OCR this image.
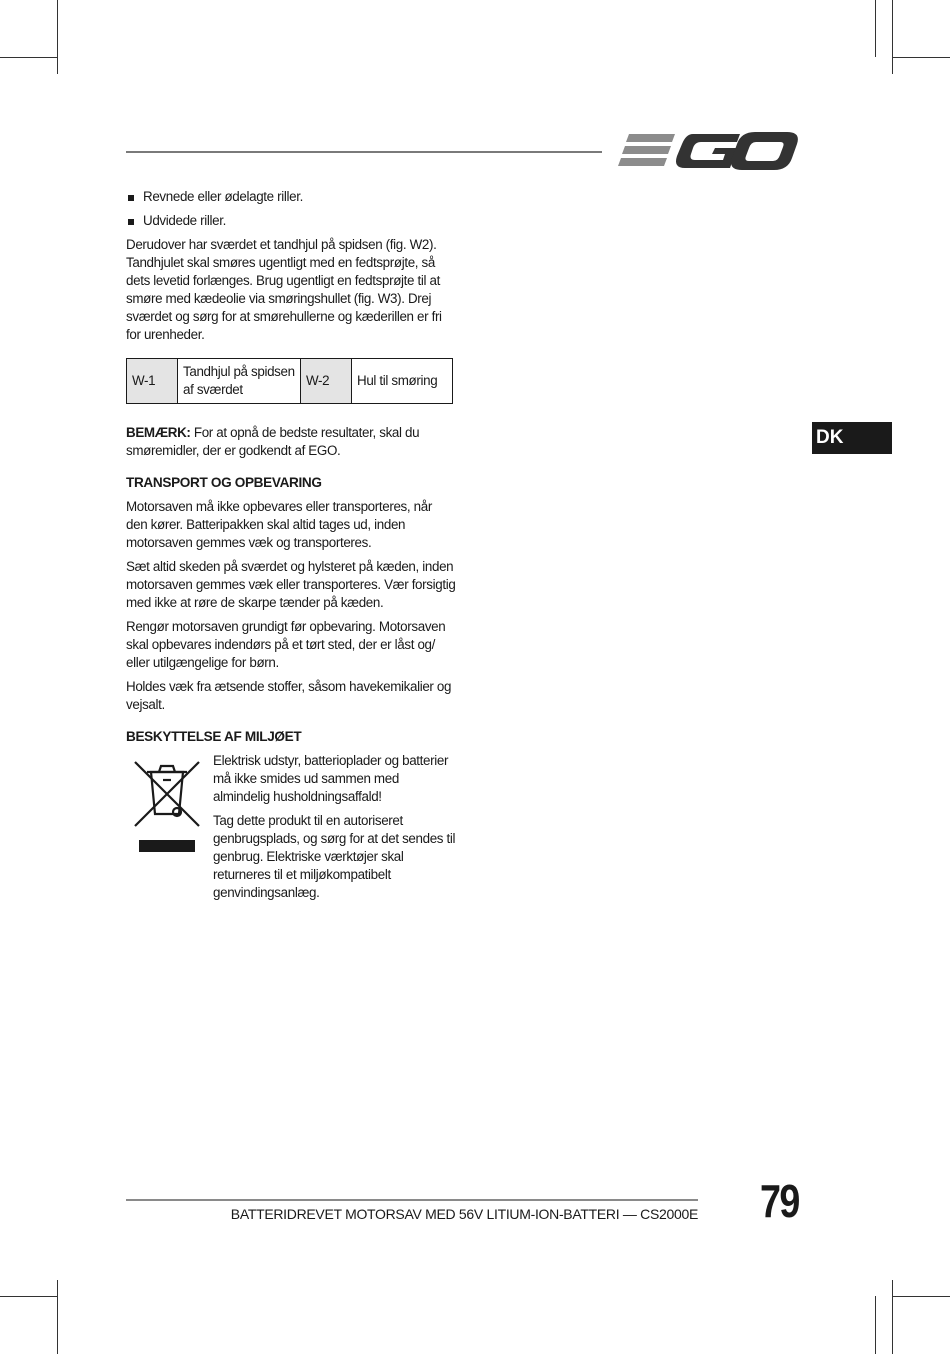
DK
Revnede eller ødelagte riller.
Udvidede riller.

Derudover har sværdet et tandhjul på spidsen (fig. W2). Tandhjulet skal smøres ugentligt med en fedtsprøjte, så dets levetid forlænges. Brug ugentligt en fedtsprøjte til at smøre med kædeolie via smøringshullet (fig. W3). Drej sværdet og sørg for at smørehullerne og kæderillen er fri for urenheder.

W-1	Tandhjul på spidsen af sværdet	W-2	Hul til smøring

BEMÆRK: For at opnå de bedste resultater, skal du smøremidler, der er godkendt af EGO.

TRANSPORT OG OPBEVARING

Motorsaven må ikke opbevares eller transporteres, når den kører. Batteripakken skal altid tages ud, inden motorsaven gemmes væk og transporteres.

Sæt altid skeden på sværdet og hylsteret på kæden, inden motorsaven gemmes væk eller transporteres. Vær forsigtig med ikke at røre de skarpe tænder på kæden.

Rengør motorsaven grundigt før opbevaring. Motorsaven skal opbevares indendørs på et tørt sted, der er låst og/ eller utilgængelige for børn.

Holdes væk fra ætsende stoffer, såsom havekemikalier og vejsalt.

BESKYTTELSE AF MILJØET

Elektrisk udstyr, batterioplader og batterier må ikke smides ud sammen med almindelig husholdningsaffald!

Tag dette produkt til en autoriseret genbrugsplads, og sørg for at det sendes til genbrug. Elektriske værktøjer skal returneres til et miljøkompatibelt genvindingsanlæg.

BATTERIDREVET MOTORSAV MED 56V LITIUM-ION-BATTERI — CS2000E 79
